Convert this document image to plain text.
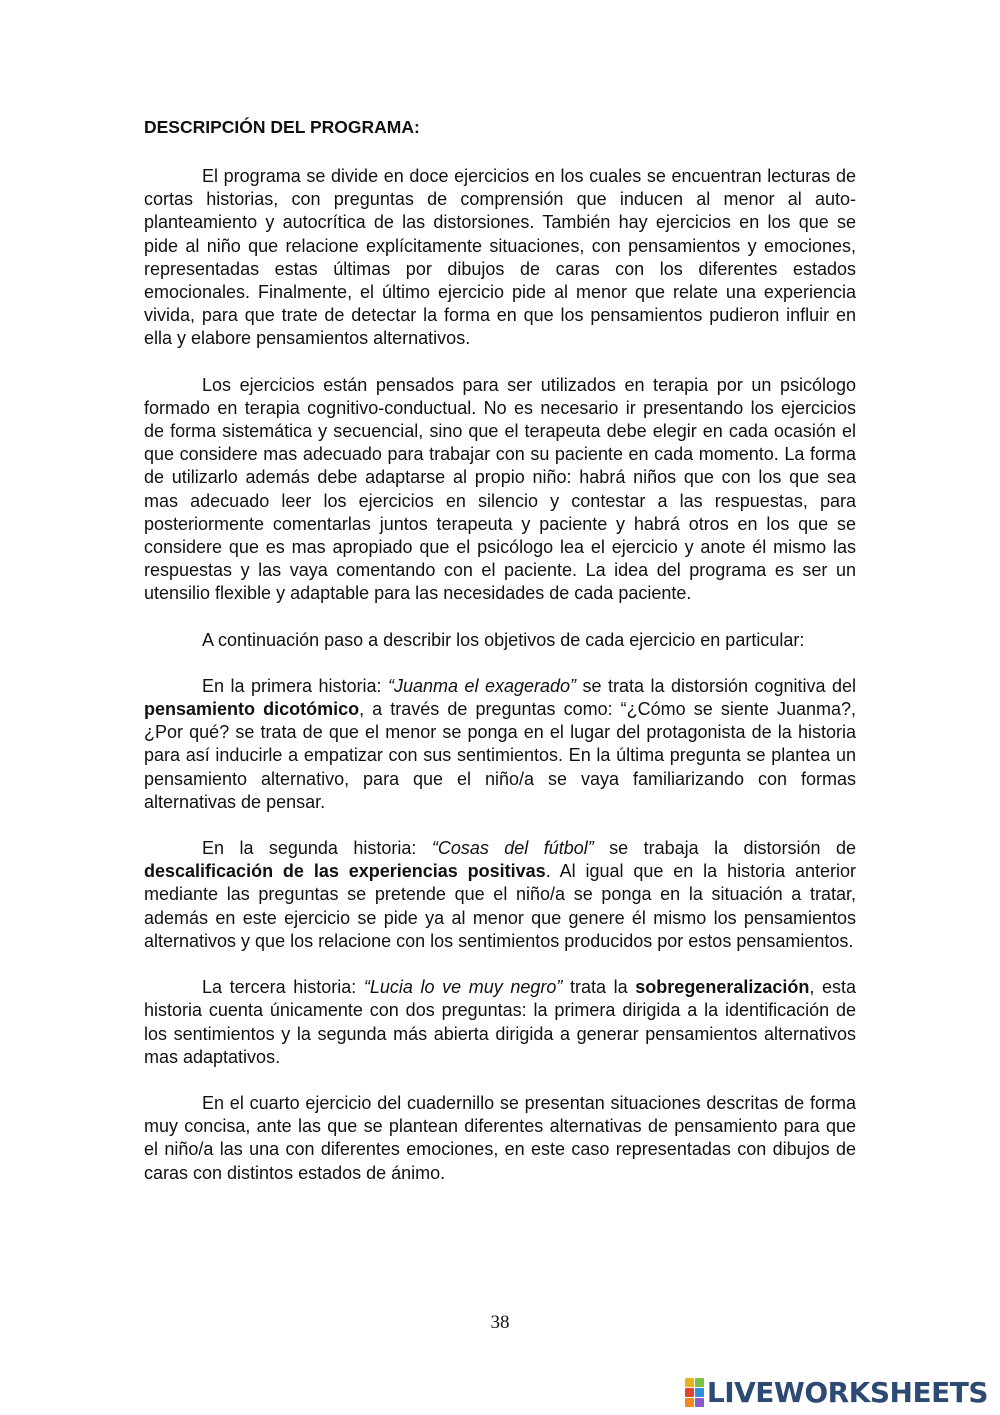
DESCRIPCIÓN DEL PROGRAMA:

El programa se divide en doce ejercicios en los cuales se encuentran lecturas de cortas historias, con preguntas de comprensión que inducen al menor al auto-planteamiento y autocrítica de las distorsiones. También hay ejercicios en los que se pide al niño que relacione explícitamente situaciones, con pensamientos y emociones, representadas estas últimas por dibujos de caras con los diferentes estados emocionales. Finalmente, el último ejercicio pide al menor que relate una experiencia vivida, para que trate de detectar la forma en que los pensamientos pudieron influir en ella y elabore pensamientos alternativos.

Los ejercicios están pensados para ser utilizados en terapia por un psicólogo formado en terapia cognitivo-conductual. No es necesario ir presentando los ejercicios de forma sistemática y secuencial, sino que el terapeuta debe elegir en cada ocasión el que considere mas adecuado para trabajar con su paciente en cada momento. La forma de utilizarlo además debe adaptarse al propio niño: habrá niños que con los que sea mas adecuado leer los ejercicios en silencio y contestar a las respuestas, para posteriormente comentarlas juntos terapeuta y paciente y habrá otros en los que se considere que es mas apropiado que el psicólogo lea el ejercicio y anote él mismo las respuestas y las vaya comentando con el paciente. La idea del programa es ser un utensilio flexible y adaptable para las necesidades de cada paciente.

A continuación paso a describir los objetivos de cada ejercicio en particular:

En la primera historia: “Juanma el exagerado” se trata la distorsión cognitiva del pensamiento dicotómico, a través de preguntas como: “¿Cómo se siente Juanma?, ¿Por qué? se trata de que el menor se ponga en el lugar del protagonista de la historia para así inducirle a empatizar con sus sentimientos. En la última pregunta se plantea un pensamiento alternativo, para que el niño/a se vaya familiarizando con formas alternativas de pensar.

En la segunda historia: “Cosas del fútbol” se trabaja la distorsión de descalificación de las experiencias positivas. Al igual que en la historia anterior mediante las preguntas se pretende que el niño/a se ponga en la situación a tratar, además en este ejercicio se pide ya al menor que genere él mismo los pensamientos alternativos y que los relacione con los sentimientos producidos por estos pensamientos.

La tercera historia: “Lucia lo ve muy negro” trata la sobregeneralización, esta historia cuenta únicamente con dos preguntas: la primera dirigida a la identificación de los sentimientos y la segunda más abierta dirigida a generar pensamientos alternativos mas adaptativos.

En el cuarto ejercicio del cuadernillo se presentan situaciones descritas de forma muy concisa, ante las que se plantean diferentes alternativas de pensamiento para que el niño/a las una con diferentes emociones, en este caso representadas con dibujos de caras con distintos estados de ánimo.

38
LIVEWORKSHEETS
